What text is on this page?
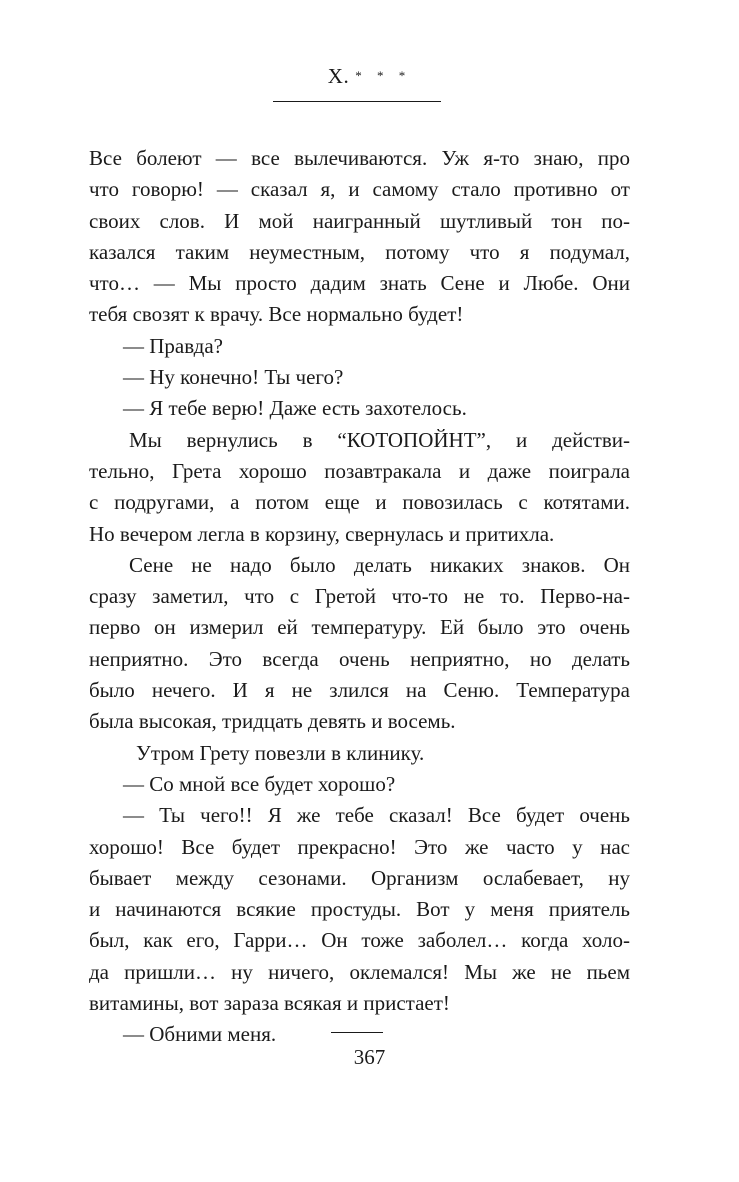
Х. * * *
Все болеют — все вылечиваются. Уж я-то знаю, про
что говорю! — сказал я, и самому стало противно от
своих слов. И мой наигранный шутливый тон по-
казался таким неуместным, потому что я подумал,
что… — Мы просто дадим знать Сене и Любе. Они
тебя свозят к врачу. Все нормально будет!
— Правда?
— Ну конечно! Ты чего?
— Я тебе верю! Даже есть захотелось.
Мы вернулись в “КОТОПОЙНТ”, и действи-
тельно, Грета хорошо позавтракала и даже поиграла
с подругами, а потом еще и повозилась с котятами.
Но вечером легла в корзину, свернулась и притихла.
Сене не надо было делать никаких знаков. Он
сразу заметил, что с Гретой что-то не то. Перво-на-
перво он измерил ей температуру. Ей было это очень
неприятно. Это всегда очень неприятно, но делать
было нечего. И я не злился на Сеню. Температура
была высокая, тридцать девять и восемь.
Утром Грету повезли в клинику.
— Со мной все будет хорошо?
— Ты чего!! Я же тебе сказал! Все будет очень
хорошо! Все будет прекрасно! Это же часто у нас
бывает между сезонами. Организм ослабевает, ну
и начинаются всякие простуды. Вот у меня приятель
был, как его, Гарри… Он тоже заболел… когда холо-
да пришли… ну ничего, оклемался! Мы же не пьем
витамины, вот зараза всякая и пристает!
— Обними меня.
367
